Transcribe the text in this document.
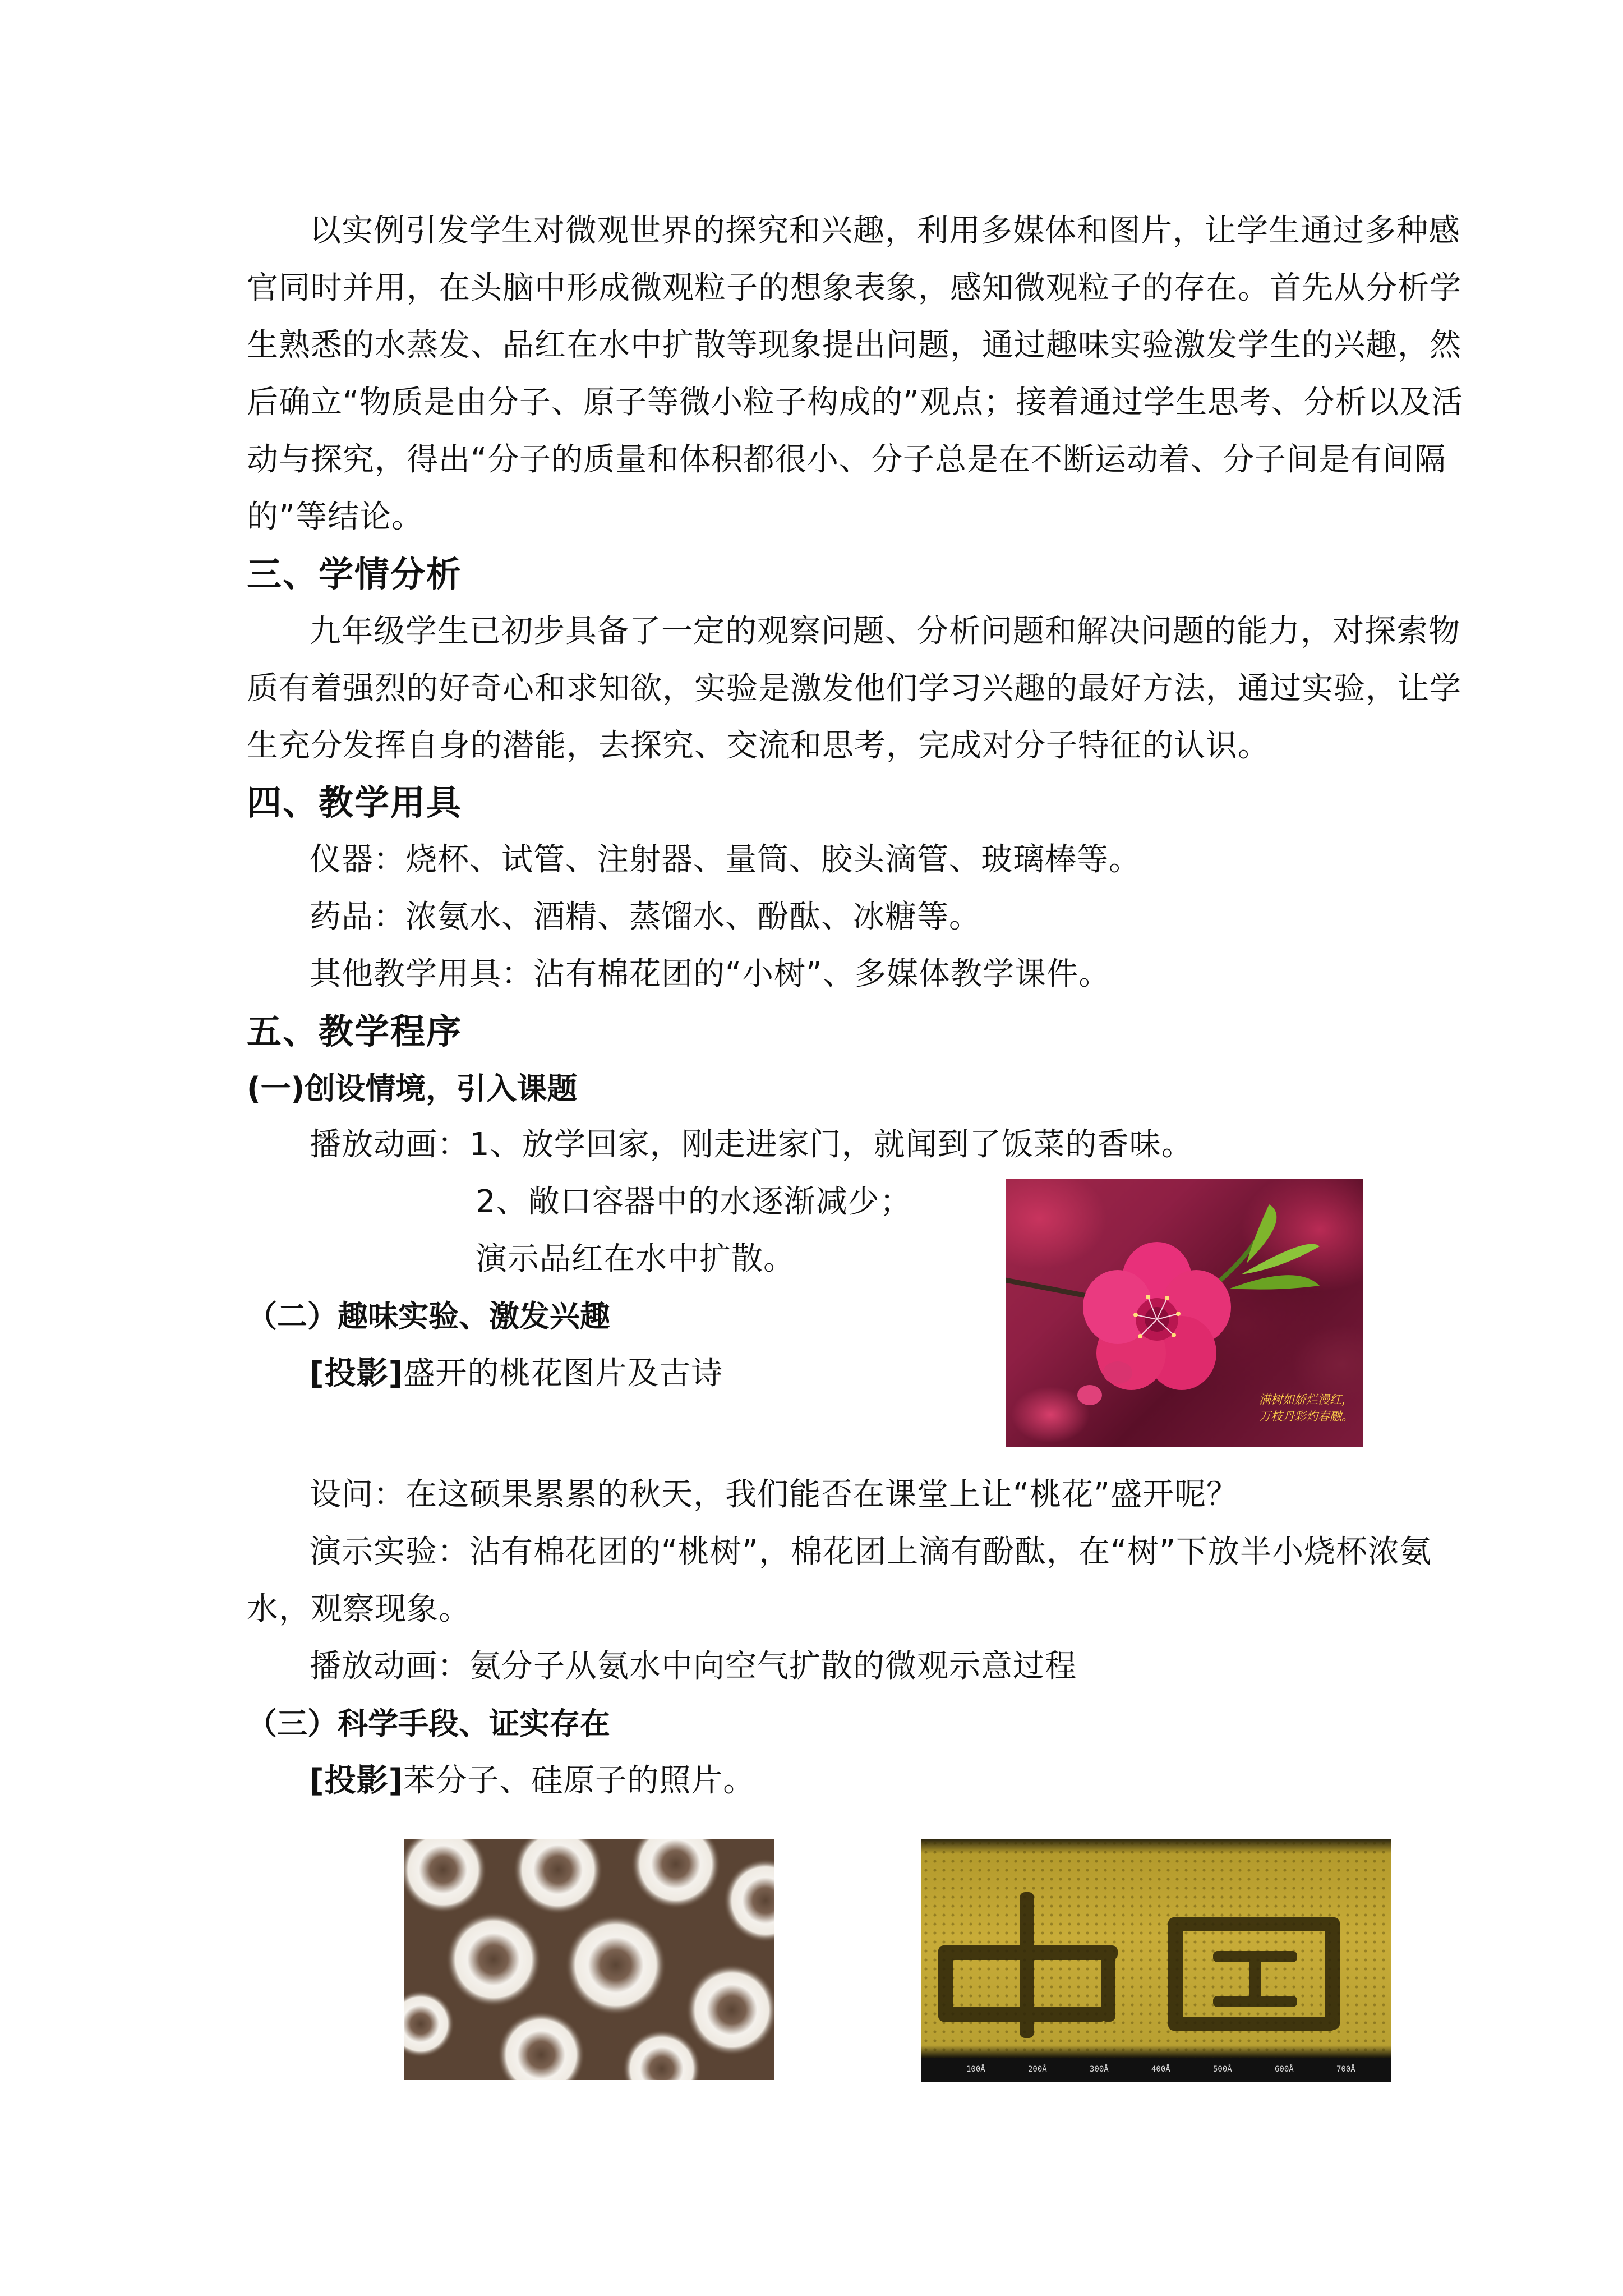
以实例引发学生对微观世界的探究和兴趣，利用多媒体和图片，让学生通过多种感官同时并用，在头脑中形成微观粒子的想象表象，感知微观粒子的存在。首先从分析学生熟悉的水蒸发、品红在水中扩散等现象提出问题，通过趣味实验激发学生的兴趣，然后确立“物质是由分子、原子等微小粒子构成的”观点；接着通过学生思考、分析以及活动与探究，得出“分子的质量和体积都很小、分子总是在不断运动着、分子间是有间隔的”等结论。

三、学情分析

九年级学生已初步具备了一定的观察问题、分析问题和解决问题的能力，对探索物质有着强烈的好奇心和求知欲，实验是激发他们学习兴趣的最好方法，通过实验，让学生充分发挥自身的潜能，去探究、交流和思考，完成对分子特征的认识。

四、教学用具

仪器：烧杯、试管、注射器、量筒、胶头滴管、玻璃棒等。

药品：浓氨水、酒精、蒸馏水、酚酞、冰糖等。

其他教学用具：沾有棉花团的“小树”、多媒体教学课件。

五、教学程序
(一)创设情境，引入课题

播放动画：1、放学回家，刚走进家门，就闻到了饭菜的香味。

2、敞口容器中的水逐渐减少；

演示品红在水中扩散。

（二）趣味实验、激发兴趣

[投影]盛开的桃花图片及古诗

满树如娇烂漫红，
万枝丹彩灼春融。

设问：在这硕果累累的秋天，我们能否在课堂上让“桃花”盛开呢？

演示实验：沾有棉花团的“桃树”，棉花团上滴有酚酞，在“树”下放半小烧杯浓氨水，观察现象。

播放动画：氨分子从氨水中向空气扩散的微观示意过程

（三）科学手段、证实存在

[投影]苯分子、硅原子的照片。

100Å	200Å	300Å	400Å	500Å	600Å	700Å
